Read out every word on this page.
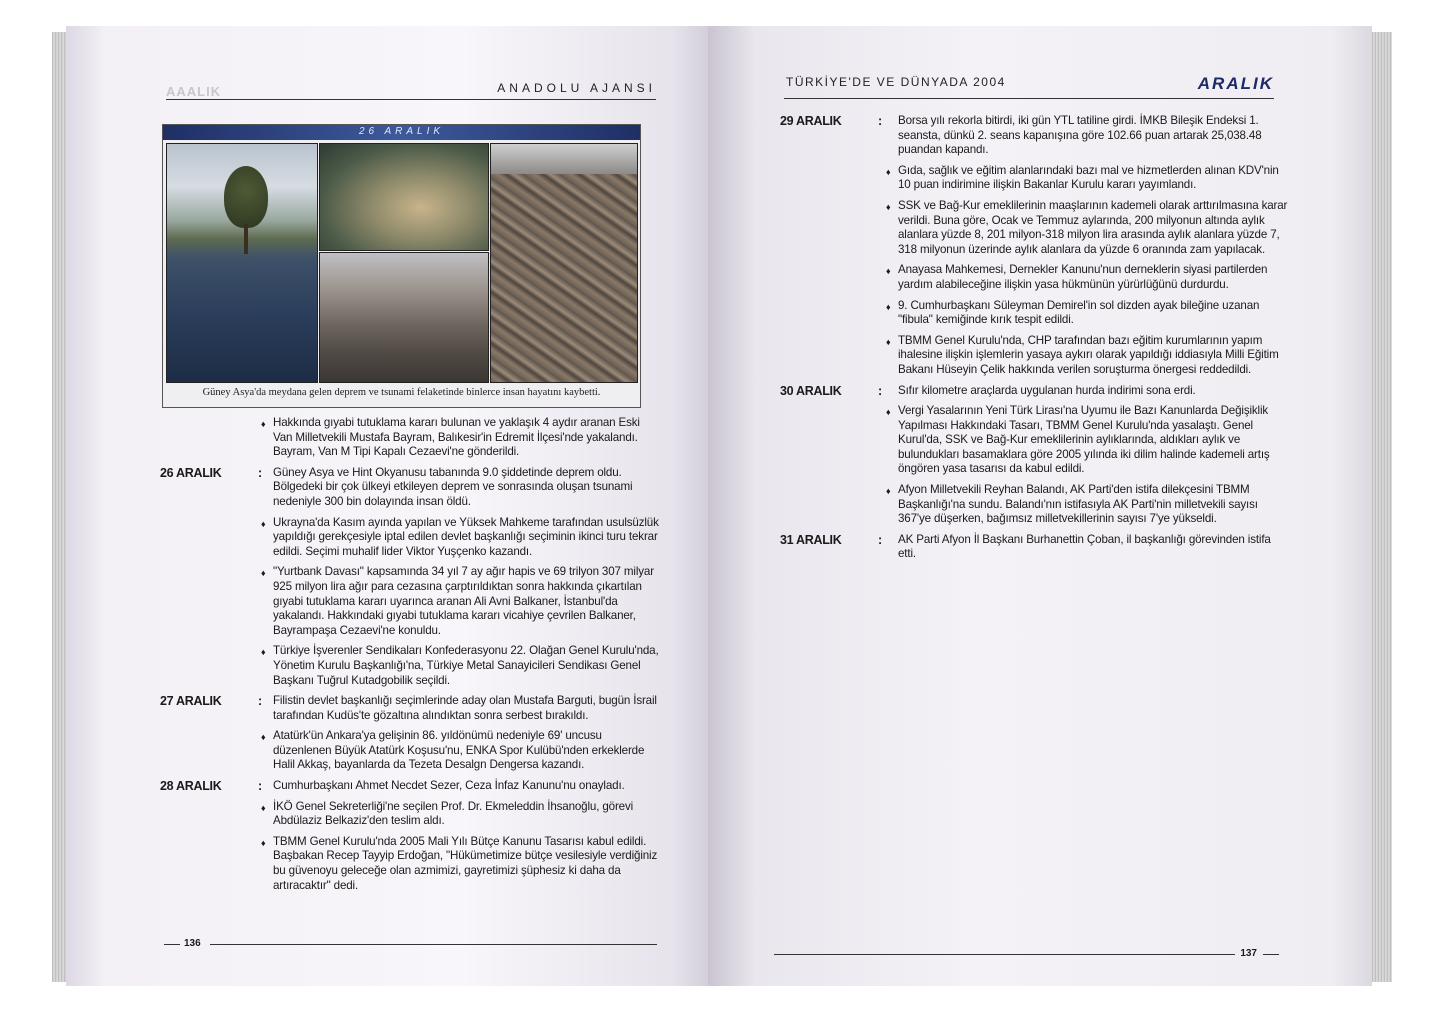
AAALIK	ANADOLU AJANSI
26 ARALIK
Güney Asya'da meydana gelen deprem ve tsunami felaketinde binlerce insan hayatını kaybetti.
♦ Hakkında gıyabi tutuklama kararı bulunan ve yaklaşık 4 aydır aranan Eski Van Milletvekili Mustafa Bayram, Balıkesir'in Edremit İlçesi'nde yakalandı. Bayram, Van M Tipi Kapalı Cezaevi'ne gönderildi.
26 ARALIK	: Güney Asya ve Hint Okyanusu tabanında 9.0 şiddetinde deprem oldu. Bölgedeki bir çok ülkeyi etkileyen deprem ve sonrasında oluşan tsunami nedeniyle 300 bin dolayında insan öldü.
♦ Ukrayna'da Kasım ayında yapılan ve Yüksek Mahkeme tarafından usulsüzlük yapıldığı gerekçesiyle iptal edilen devlet başkanlığı seçiminin ikinci turu tekrar edildi. Seçimi muhalif lider Viktor Yuşçenko kazandı.
♦ "Yurtbank Davası" kapsamında 34 yıl 7 ay ağır hapis ve 69 trilyon 307 milyar 925 milyon lira ağır para cezasına çarptırıldıktan sonra hakkında çıkartılan gıyabi tutuklama kararı uyarınca aranan Ali Avni Balkaner, İstanbul'da yakalandı. Hakkındaki gıyabi tutuklama kararı vicahiye çevrilen Balkaner, Bayrampaşa Cezaevi'ne konuldu.
♦ Türkiye İşverenler Sendikaları Konfederasyonu 22. Olağan Genel Kurulu'nda, Yönetim Kurulu Başkanlığı'na, Türkiye Metal Sanayicileri Sendikası Genel Başkanı Tuğrul Kutadgobilik seçildi.
27 ARALIK	: Filistin devlet başkanlığı seçimlerinde aday olan Mustafa Barguti, bugün İsrail tarafından Kudüs'te gözaltına alındıktan sonra serbest bırakıldı.
♦ Atatürk'ün Ankara'ya gelişinin 86. yıldönümü nedeniyle 69' uncusu düzenlenen Büyük Atatürk Koşusu'nu, ENKA Spor Kulübü'nden erkeklerde Halil Akkaş, bayanlarda da Tezeta Desalgn Dengersa kazandı.
28 ARALIK	: Cumhurbaşkanı Ahmet Necdet Sezer, Ceza İnfaz Kanunu'nu onayladı.
♦ İKÖ Genel Sekreterliği'ne seçilen Prof. Dr. Ekmeleddin İhsanoğlu, görevi Abdülaziz Belkaziz'den teslim aldı.
♦ TBMM Genel Kurulu'nda 2005 Mali Yılı Bütçe Kanunu Tasarısı kabul edildi. Başbakan Recep Tayyip Erdoğan, "Hükümetimize bütçe vesilesiyle verdiğiniz bu güvenoyu geleceğe olan azmimizi, gayretimizi şüphesiz ki daha da artıracaktır" dedi.
136
TÜRKİYE'DE VE DÜNYADA 2004	ARALIK
29 ARALIK	: Borsa yılı rekorla bitirdi, iki gün YTL tatiline girdi. İMKB Bileşik Endeksi 1. seansta, dünkü 2. seans kapanışına göre 102.66 puan artarak 25,038.48 puandan kapandı.
♦ Gıda, sağlık ve eğitim alanlarındaki bazı mal ve hizmetlerden alınan KDV'nin 10 puan indirimine ilişkin Bakanlar Kurulu kararı yayımlandı.
♦ SSK ve Bağ-Kur emeklilerinin maaşlarının kademeli olarak arttırılmasına karar verildi. Buna göre, Ocak ve Temmuz aylarında, 200 milyonun altında aylık alanlara yüzde 8, 201 milyon-318 milyon lira arasında aylık alanlara yüzde 7, 318 milyonun üzerinde aylık alanlara da yüzde 6 oranında zam yapılacak.
♦ Anayasa Mahkemesi, Dernekler Kanunu'nun derneklerin siyasi partilerden yardım alabileceğine ilişkin yasa hükmünün yürürlüğünü durdurdu.
♦ 9. Cumhurbaşkanı Süleyman Demirel'in sol dizden ayak bileğine uzanan "fibula" kemiğinde kırık tespit edildi.
♦ TBMM Genel Kurulu'nda, CHP tarafından bazı eğitim kurumlarının yapım ihalesine ilişkin işlemlerin yasaya aykırı olarak yapıldığı iddiasıyla Milli Eğitim Bakanı Hüseyin Çelik hakkında verilen soruşturma önergesi reddedildi.
30 ARALIK	: Sıfır kilometre araçlarda uygulanan hurda indirimi sona erdi.
♦ Vergi Yasalarının Yeni Türk Lirası'na Uyumu ile Bazı Kanunlarda Değişiklik Yapılması Hakkındaki Tasarı, TBMM Genel Kurulu'nda yasalaştı. Genel Kurul'da, SSK ve Bağ-Kur emeklilerinin aylıklarında, aldıkları aylık ve bulundukları basamaklara göre 2005 yılında iki dilim halinde kademeli artış öngören yasa tasarısı da kabul edildi.
♦ Afyon Milletvekili Reyhan Balandı, AK Parti'den istifa dilekçesini TBMM Başkanlığı'na sundu. Balandı'nın istifasıyla AK Parti'nin milletvekili sayısı 367'ye düşerken, bağımsız milletvekillerinin sayısı 7'ye yükseldi.
31 ARALIK	: AK Parti Afyon İl Başkanı Burhanettin Çoban, il başkanlığı görevinden istifa etti.
137
